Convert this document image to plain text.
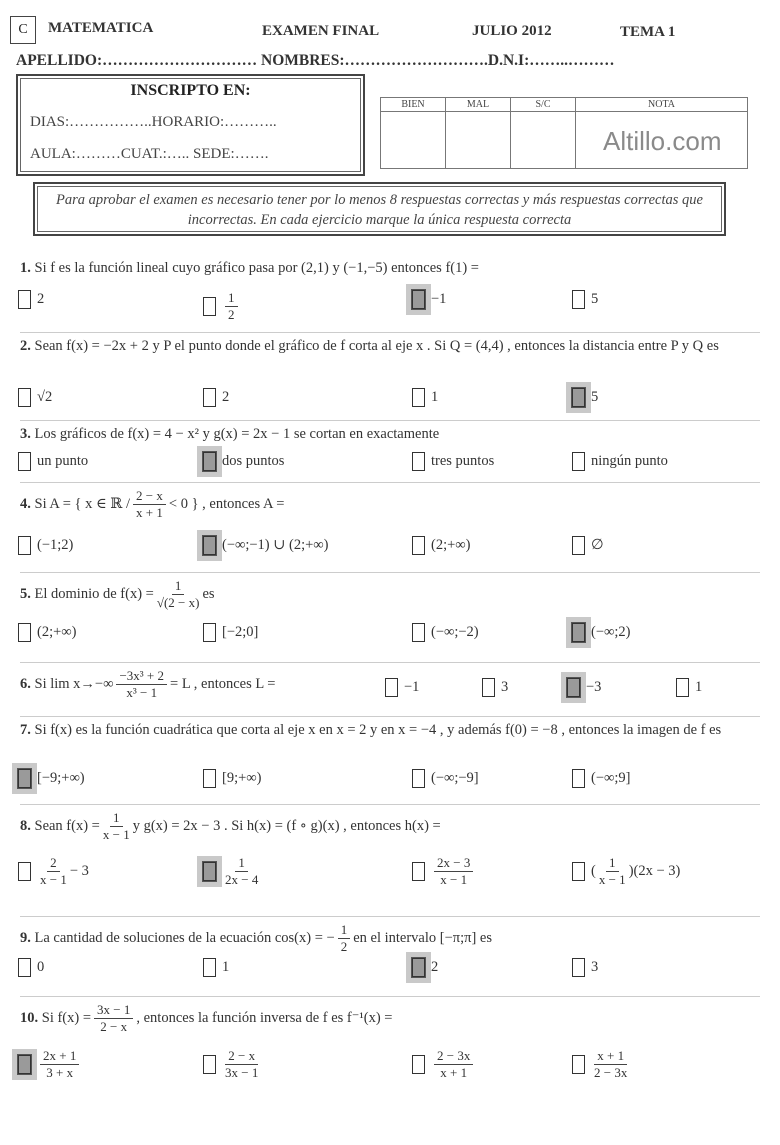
C	MATEMATICA	EXAMEN FINAL	JULIO 2012	TEMA 1
APELLIDO:………………………… NOMBRES:……………………….D.N.I:……..………
INSCRIPTO EN:
DIAS:……………..HORARIO:………..
AULA:………CUAT.:….. SEDE:…….
BIEN	MAL	S/C	NOTA

Altillo.com
Para aprobar el examen es necesario tener por lo menos 8 respuestas correctas y más respuestas correctas que incorrectas. En cada ejercicio marque la única respuesta correcta
1. Si f es la función lineal cuyo gráfico pasa por (2,1) y (−1,−5) entonces f(1) =
2	$\frac{1}{2}$	−1	5
2. Sean f(x) = −2x + 2 y P el punto donde el gráfico de f corta al eje x . Si Q = (4,4) , entonces la distancia entre P y Q es
√2	2	1	5
3. Los gráficos de f(x) = 4 − x² y g(x) = 2x − 1 se cortan en exactamente
un punto	dos puntos	tres puntos	ningún punto
4. Si A = { x ∈ ℝ / $\frac{2 - x}{x + 1} < 0$ } , entonces A =
(−1;2)	(−∞;−1) ∪ (2;+∞)	(2;+∞)	∅
5. El dominio de $f(x) = \frac{1}{√(2 - x)}$ es
(2;+∞)	[−2;0]	(−∞;−2)	(−∞;2)
6. Si $\lim x\to-\infty \frac{\text{−3x³ + 2}}{\text{x³ − 1}} = L$ , entonces L =	−1	3	−3	1
7. Si f(x) es la función cuadrática que corta al eje x en x = 2 y en x = −4 , y además f(0) = −8 , entonces la imagen de f es
[−9;+∞)	[9;+∞)	(−∞;−9]	(−∞;9]
8. Sean $f(x) = \frac{1}{x - 1}$ y g(x) = 2x − 3 . Si h(x) = (f ∘ g)(x) , entonces h(x) =
$\frac{2}{x - 1} - 3$	$\frac{1}{2x - 4}$	$\frac{2x - 3}{x - 1}$	( $\frac{1}{x - 1} )(2x - 3)$
9. La cantidad de soluciones de la ecuación cos(x) = − $\frac{1}{2}$ en el intervalo [−π;π] es
0	1	2	3
10. Si $f(x) = \frac{3x - 1}{2 - x}$ , entonces la función inversa de f es f⁻¹(x) =
$\frac{2x + 1}{3 + x}$	$\frac{2 - x}{3x - 1}$	$\frac{2 - 3x}{x + 1}$	$\frac{x + 1}{2 - 3x}$
